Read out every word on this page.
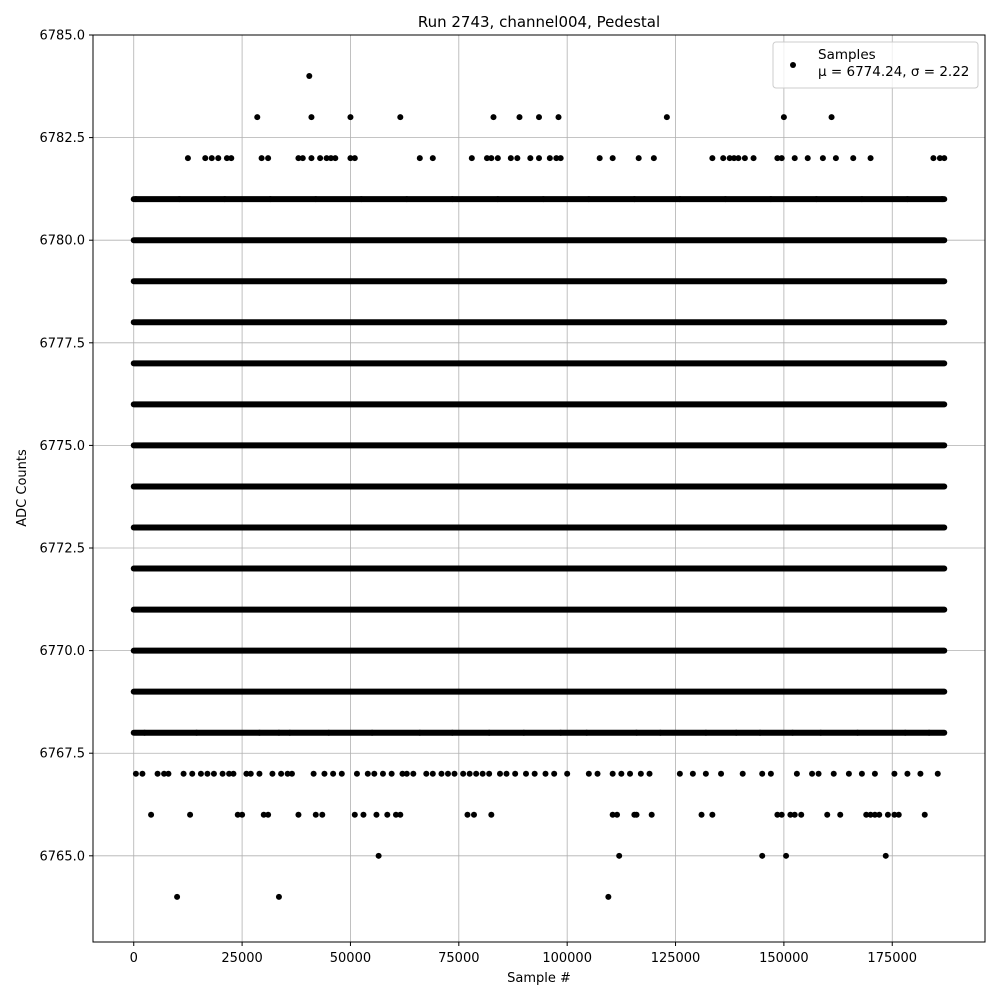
Run 2743, channel004, Pedestal
0	25000	50000	75000	100000	125000	150000	175000
6765.0
6767.5
6770.0
6772.5
6775.0
6777.5
6780.0
6782.5
6785.0
Sample #
ADC Counts
Samples
μ = 6774.24, σ = 2.22
